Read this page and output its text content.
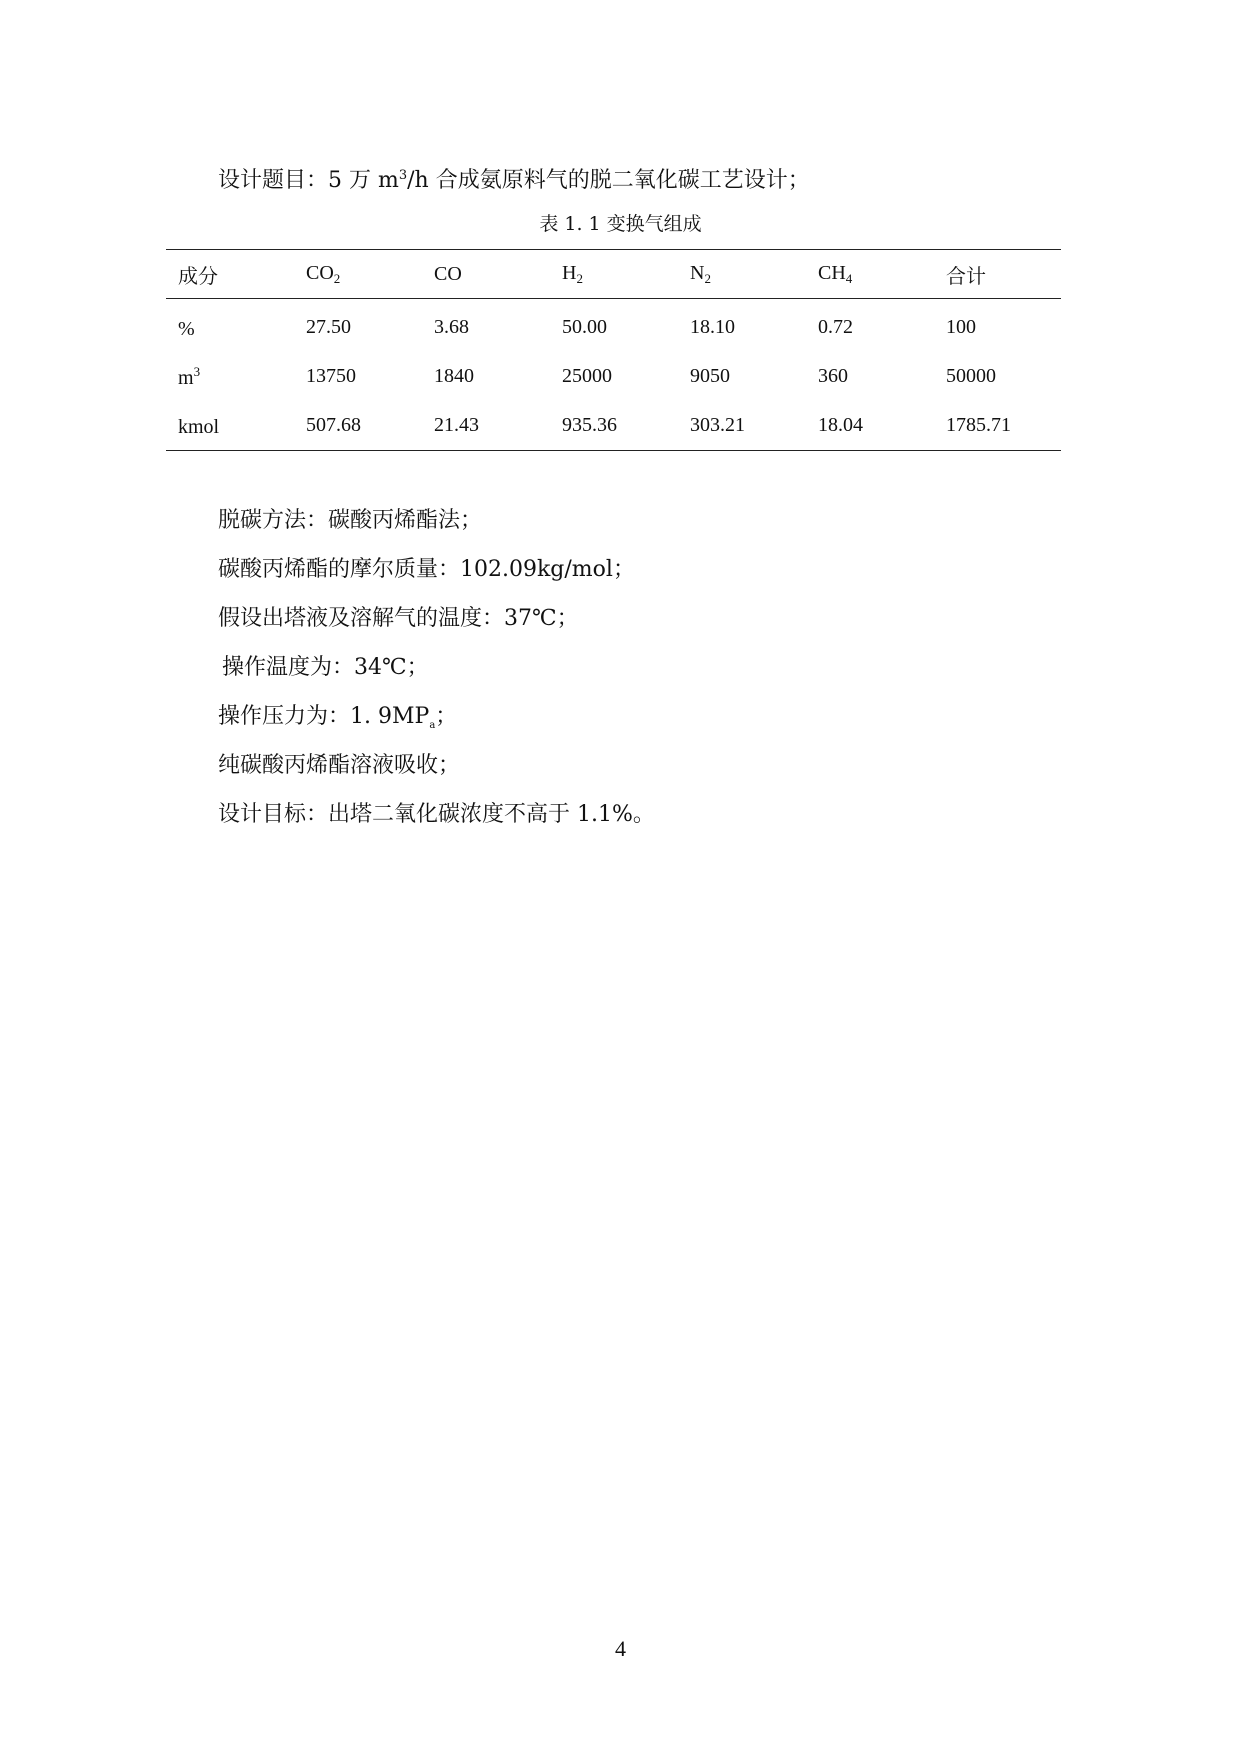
设计题目：5 万 $m^3/h$ 合成氨原料气的脱二氧化碳工艺设计；
表 1. 1 变换气组成
成分	$CO_2$	CO	$H_2$	$N_2$	$CH_4$	合计
%	27.50	3.68	50.00	18.10	0.72	100
$m^3$	13750	1840	25000	9050	360	50000
kmol	507.68	21.43	935.36	303.21	18.04	1785.71
脱碳方法：碳酸丙烯酯法；
碳酸丙烯酯的摩尔质量：102.09kg/mol；
假设出塔液及溶解气的温度：37℃；
操作温度为：34℃；
操作压力为：1. $9MP_a$；
纯碳酸丙烯酯溶液吸收；
设计目标：出塔二氧化碳浓度不高于 1.1%。
4
